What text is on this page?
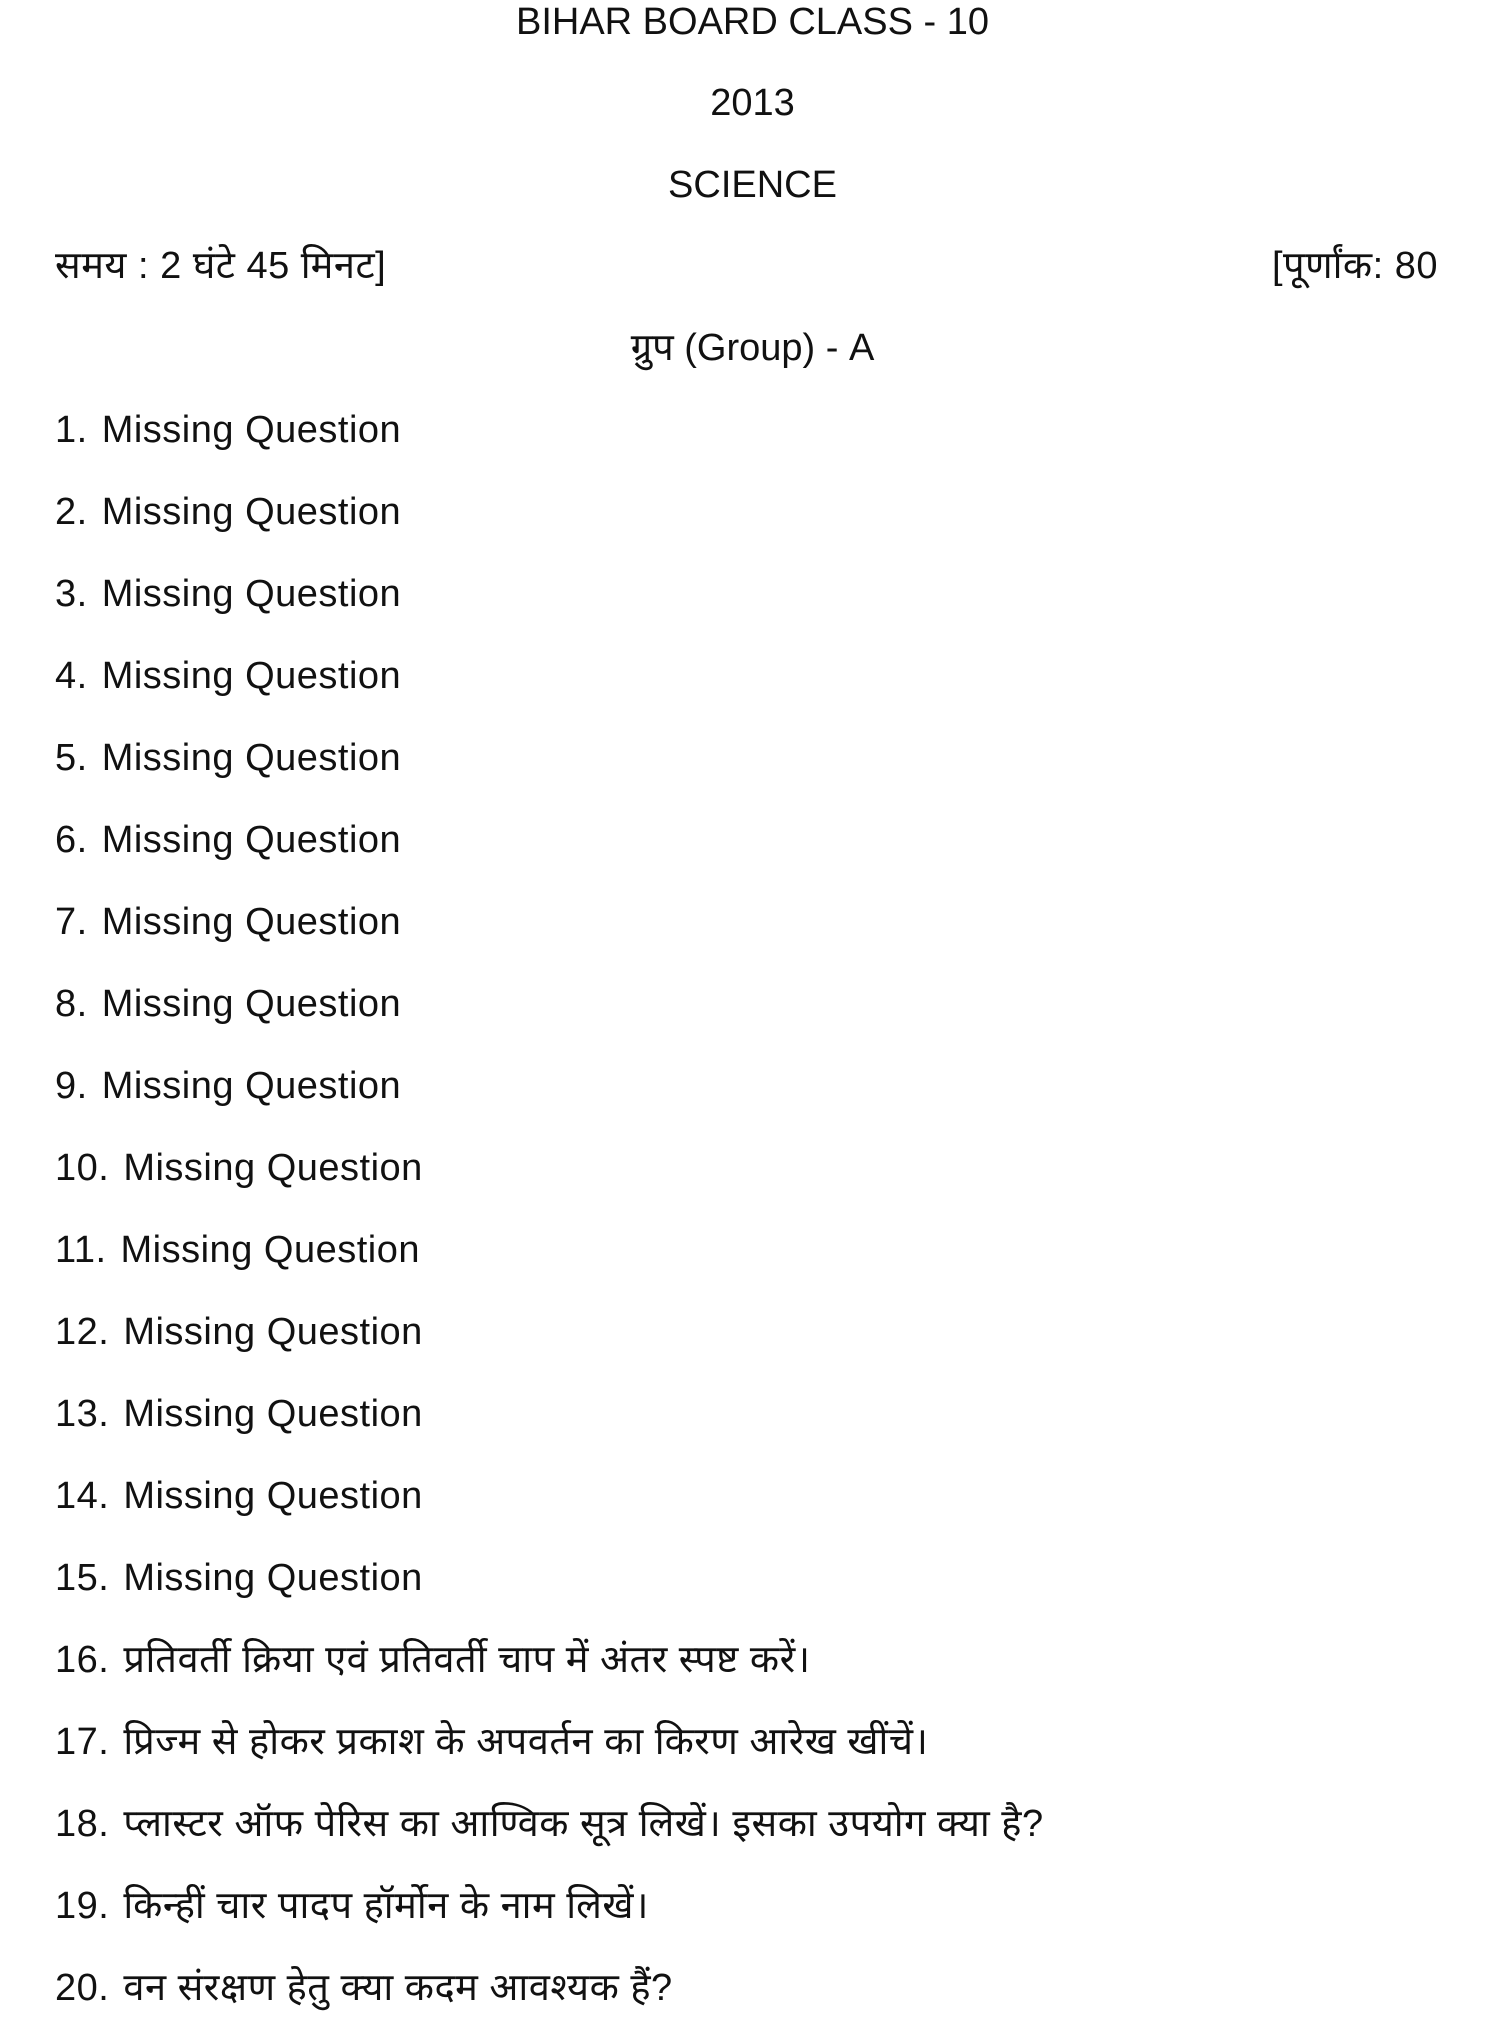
BIHAR BOARD CLASS - 10
2013
SCIENCE
समय : 2 घंटे 45 मिनट]	[पूर्णांक: 80
ग्रुप (Group) - A
1. Missing Question
2. Missing Question
3. Missing Question
4. Missing Question
5. Missing Question
6. Missing Question
7. Missing Question
8. Missing Question
9. Missing Question
10. Missing Question
11. Missing Question
12. Missing Question
13. Missing Question
14. Missing Question
15. Missing Question
16. प्रतिवर्ती क्रिया एवं प्रतिवर्ती चाप में अंतर स्पष्ट करें।
17. प्रिज्म से होकर प्रकाश के अपवर्तन का किरण आरेख खींचें।
18. प्लास्टर ऑफ पेरिस का आण्विक सूत्र लिखें। इसका उपयोग क्या है?
19. किन्हीं चार पादप हॉर्मोन के नाम लिखें।
20. वन संरक्षण हेतु क्या कदम आवश्यक हैं?
